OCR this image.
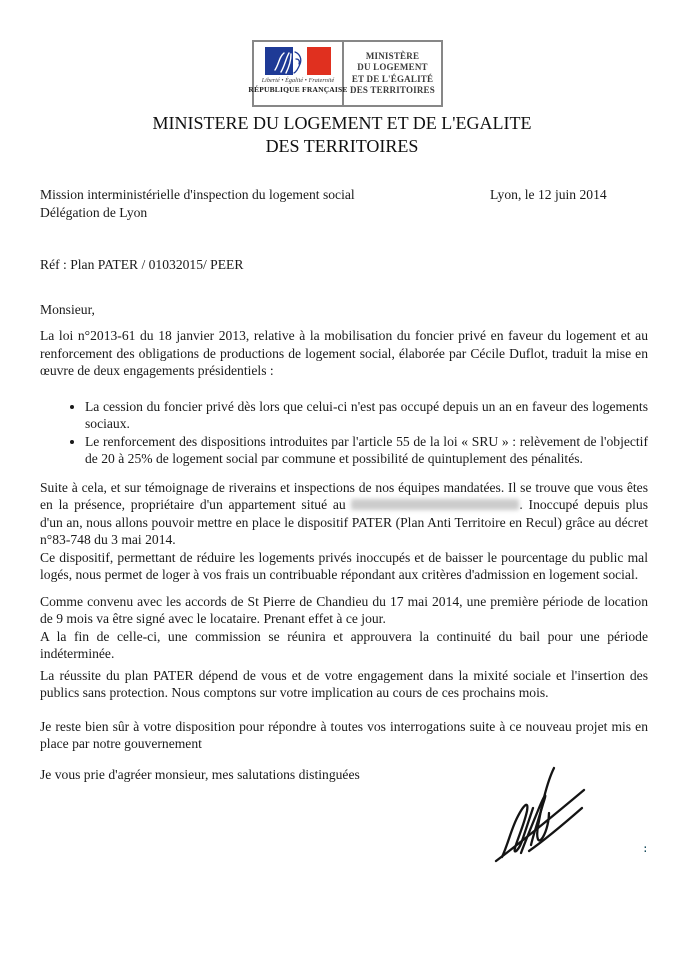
Liberté • Égalité • Fraternité
RÉPUBLIQUE FRANÇAISE
MINISTÈRE
DU LOGEMENT
ET DE L'ÉGALITÉ
DES TERRITOIRES
MINISTERE DU LOGEMENT ET DE L'EGALITE
DES TERRITOIRES
Mission interministérielle d'inspection du logement social
Délégation de Lyon
Lyon, le 12 juin 2014
Réf : Plan PATER / 01032015/ PEER
Monsieur,

La loi n°2013-61 du 18 janvier 2013, relative à la mobilisation du foncier privé en faveur du logement et au renforcement des obligations de productions de logement social, élaborée par Cécile Duflot, traduit la mise en œuvre de deux engagements présidentiels :

• La cession du foncier privé dès lors que celui-ci n'est pas occupé depuis un an en faveur des logements sociaux.
• Le renforcement des dispositions introduites par l'article 55 de la loi « SRU » : relèvement de l'objectif de 20 à 25% de logement social par commune et possibilité de quintuplement des pénalités.

Suite à cela, et sur témoignage de riverains et inspections de nos équipes mandatées. Il se trouve que vous êtes en la présence, propriétaire d'un appartement situé au	. Inoccupé depuis plus d'un an, nous allons pouvoir mettre en place le dispositif PATER (Plan Anti Territoire en Recul) grâce au décret n°83-748 du 3 mai 2014.

Ce dispositif, permettant de réduire les logements privés inoccupés et de baisser le pourcentage du public mal logés, nous permet de loger à vos frais un contribuable répondant aux critères d'admission en logement social.

Comme convenu avec les accords de St Pierre de Chandieu du 17 mai 2014, une première période de location de 9 mois va être signé avec le locataire. Prenant effet à ce jour.
A la fin de celle-ci, une commission se réunira et approuvera la continuité du bail pour une période indéterminée.

La réussite du plan PATER dépend de vous et de votre engagement dans la mixité sociale et l'insertion des publics sans protection. Nous comptons sur votre implication au cours de ces prochains mois.

Je reste bien sûr à votre disposition pour répondre à toutes vos interrogations suite à ce nouveau projet mis en place par notre gouvernement

Je vous prie d'agréer monsieur, mes salutations distinguées

:
